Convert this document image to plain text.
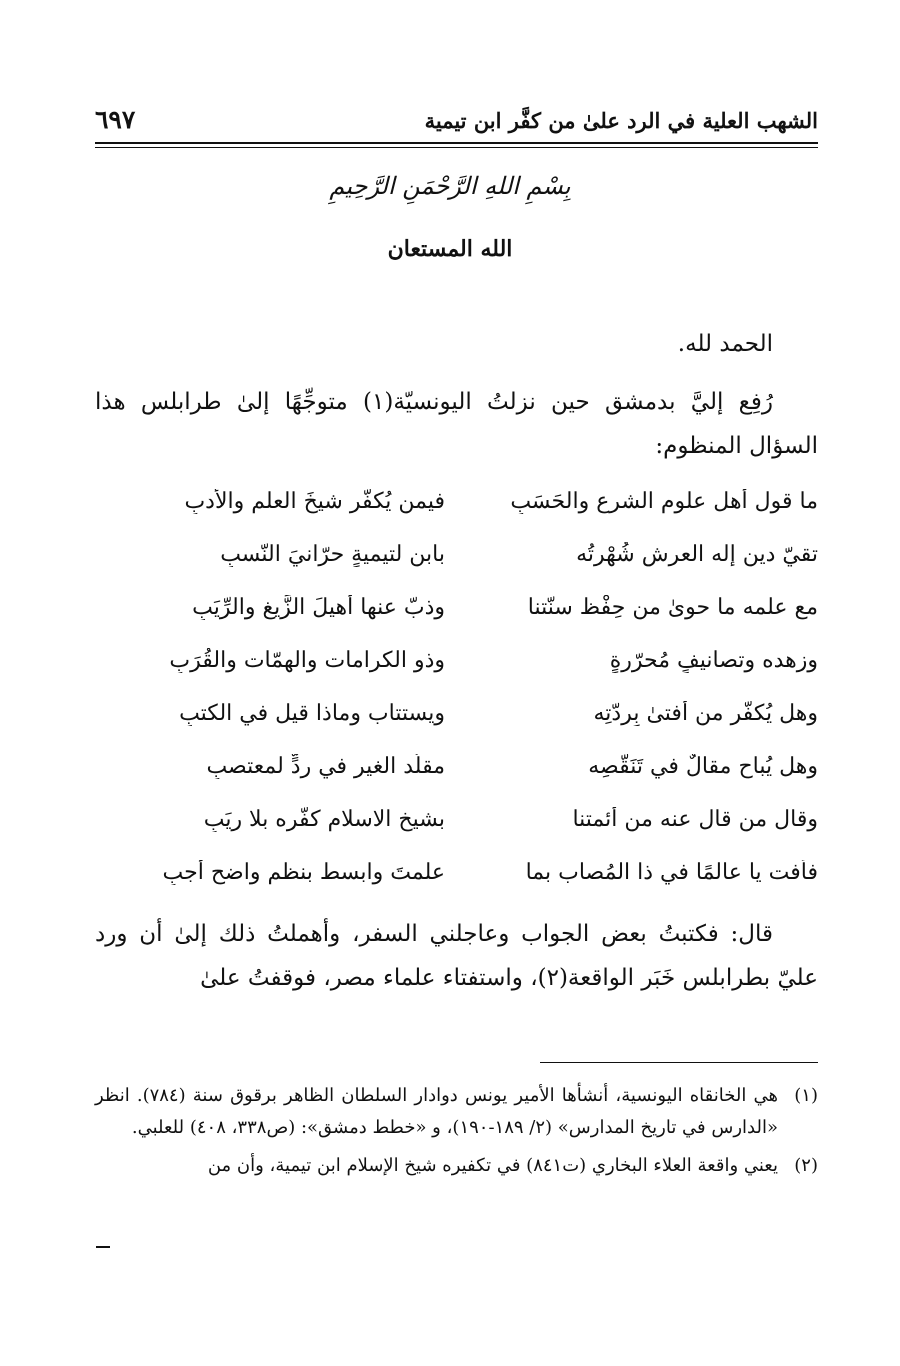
الشهب العلية في الرد علىٰ من كفَّر ابن تيمية
٦٩٧
بِسْمِ اللهِ الرَّحْمَنِ الرَّحِيمِ
الله المستعان
الحمد لله.
رُفِع إليَّ بدمشق حين نزلتُ اليونسيّة(١) متوجِّهًا إلىٰ طرابلس هذا السؤال المنظوم:
ما قول أهل علوم الشرع والحَسَبِ
فيمن يُكفّر شيخَ العلم والأدبِ
تقيّ دين إله العرش شُهْرتُه
بابنِ لتيميةٍ حرّانيَ النّسبِ
مع علمه ما حوىٰ من حِفْظ سنّتنا
وذبّ عنها أُهيلَ الزَّيغ والرِّيَبِ
وزهده وتصانيفٍ مُحرّرةٍ
وذو الكرامات والهِمّات والقُرَبِ
وهل يُكفَّر من أفتىٰ بِردّتِه
ويستتاب وماذا قيل في الكتبِ
وهل يُباح مقالٌ في تَنَقّصِه
مقلّد الغير في ردٍّ لمعتصبِ
وقال من قال عنه من أئمتنا
بشيخ الاسلام كفّره بلا رِيَبِ
فأفت يا عالمًا في ذا المُصاب بما
علمتَ وابسط بنظمٍ واضحٍ أجبِ
قال: فكتبتُ بعض الجواب وعاجلني السفر، وأهملتُ ذلك إلىٰ أن ورد عليّ بطرابلس خَبَر الواقعة(٢)، واستفتاء علماء مصر، فوقفتُ علىٰ
(١)
هي الخانقاه اليونسية، أنشأها الأمير يونس دوادار السلطان الظاهر برقوق سنة (٧٨٤). انظر «الدارس في تاريخ المدارس» (٢/ ١٨٩-١٩٠)، و «خطط دمشق»: (ص٣٣٨، ٤٠٨) للعلبي.
(٢)
يعني واقعة العلاء البخاري (ت٨٤١) في تكفيره شيخ الإسلام ابن تيمية، وأن من
